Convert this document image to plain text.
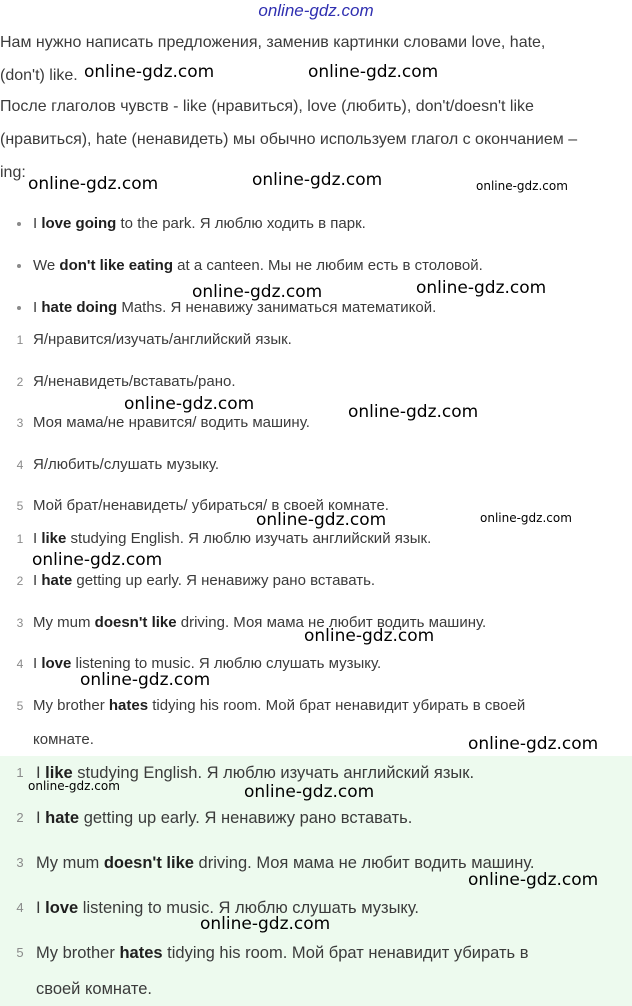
online-gdz.com
Нам нужно написать предложения, заменив картинки словами love, hate,
(don't) like.
После глаголов чувств - like (нравиться), love (любить), don't/doesn't like
(нравиться), hate (ненавидеть) мы обычно используем глагол с окончанием –
ing:
I love going to the park. Я люблю ходить в парк.
We don't like eating at a canteen. Мы не любим есть в столовой.
I hate doing Maths. Я ненавижу заниматься математикой.
1 Я/нравится/изучать/английский язык.
2 Я/ненавидеть/вставать/рано.
3 Моя мама/не нравится/ водить машину.
4 Я/любить/слушать музыку.
5 Мой брат/ненавидеть/ убираться/ в своей комнате.
1 I like studying English. Я люблю изучать английский язык.
2 I hate getting up early. Я ненавижу рано вставать.
3 My mum doesn't like driving. Моя мама не любит водить машину.
4 I love listening to music. Я люблю слушать музыку.
5 My brother hates tidying his room. Мой брат ненавидит убирать в своей
комнате.
1 I like studying English. Я люблю изучать английский язык.
2 I hate getting up early. Я ненавижу рано вставать.
3 My mum doesn't like driving. Моя мама не любит водить машину.
4 I love listening to music. Я люблю слушать музыку.
5 My brother hates tidying his room. Мой брат ненавидит убирать в
своей комнате.
online-gdz.com	online-gdz.com
online-gdz.com	online-gdz.com	online-gdz.com
online-gdz.com	online-gdz.com
online-gdz.com	online-gdz.com
online-gdz.com	online-gdz.com
online-gdz.com
online-gdz.com
online-gdz.com
online-gdz.com
online-gdz.com	online-gdz.com
online-gdz.com
online-gdz.com
